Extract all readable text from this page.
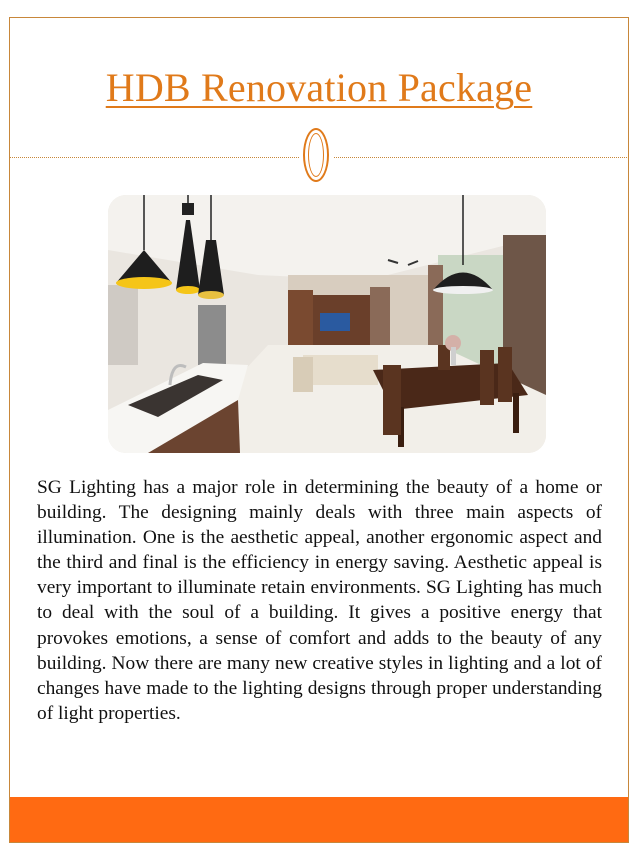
HDB Renovation Package
SG Lighting has a major role in determining the beauty of a home or building. The designing mainly deals with three main aspects of illumination. One is the aesthetic appeal, another ergonomic aspect and the third and final is the efficiency in energy saving. Aesthetic appeal is very important to illuminate retain environments. SG Lighting has much to deal with the soul of a building. It gives a positive energy that provokes emotions, a sense of comfort and adds to the beauty of any building. Now there are many new creative styles in lighting and a lot of changes have made to the lighting designs through proper understanding of light properties.
